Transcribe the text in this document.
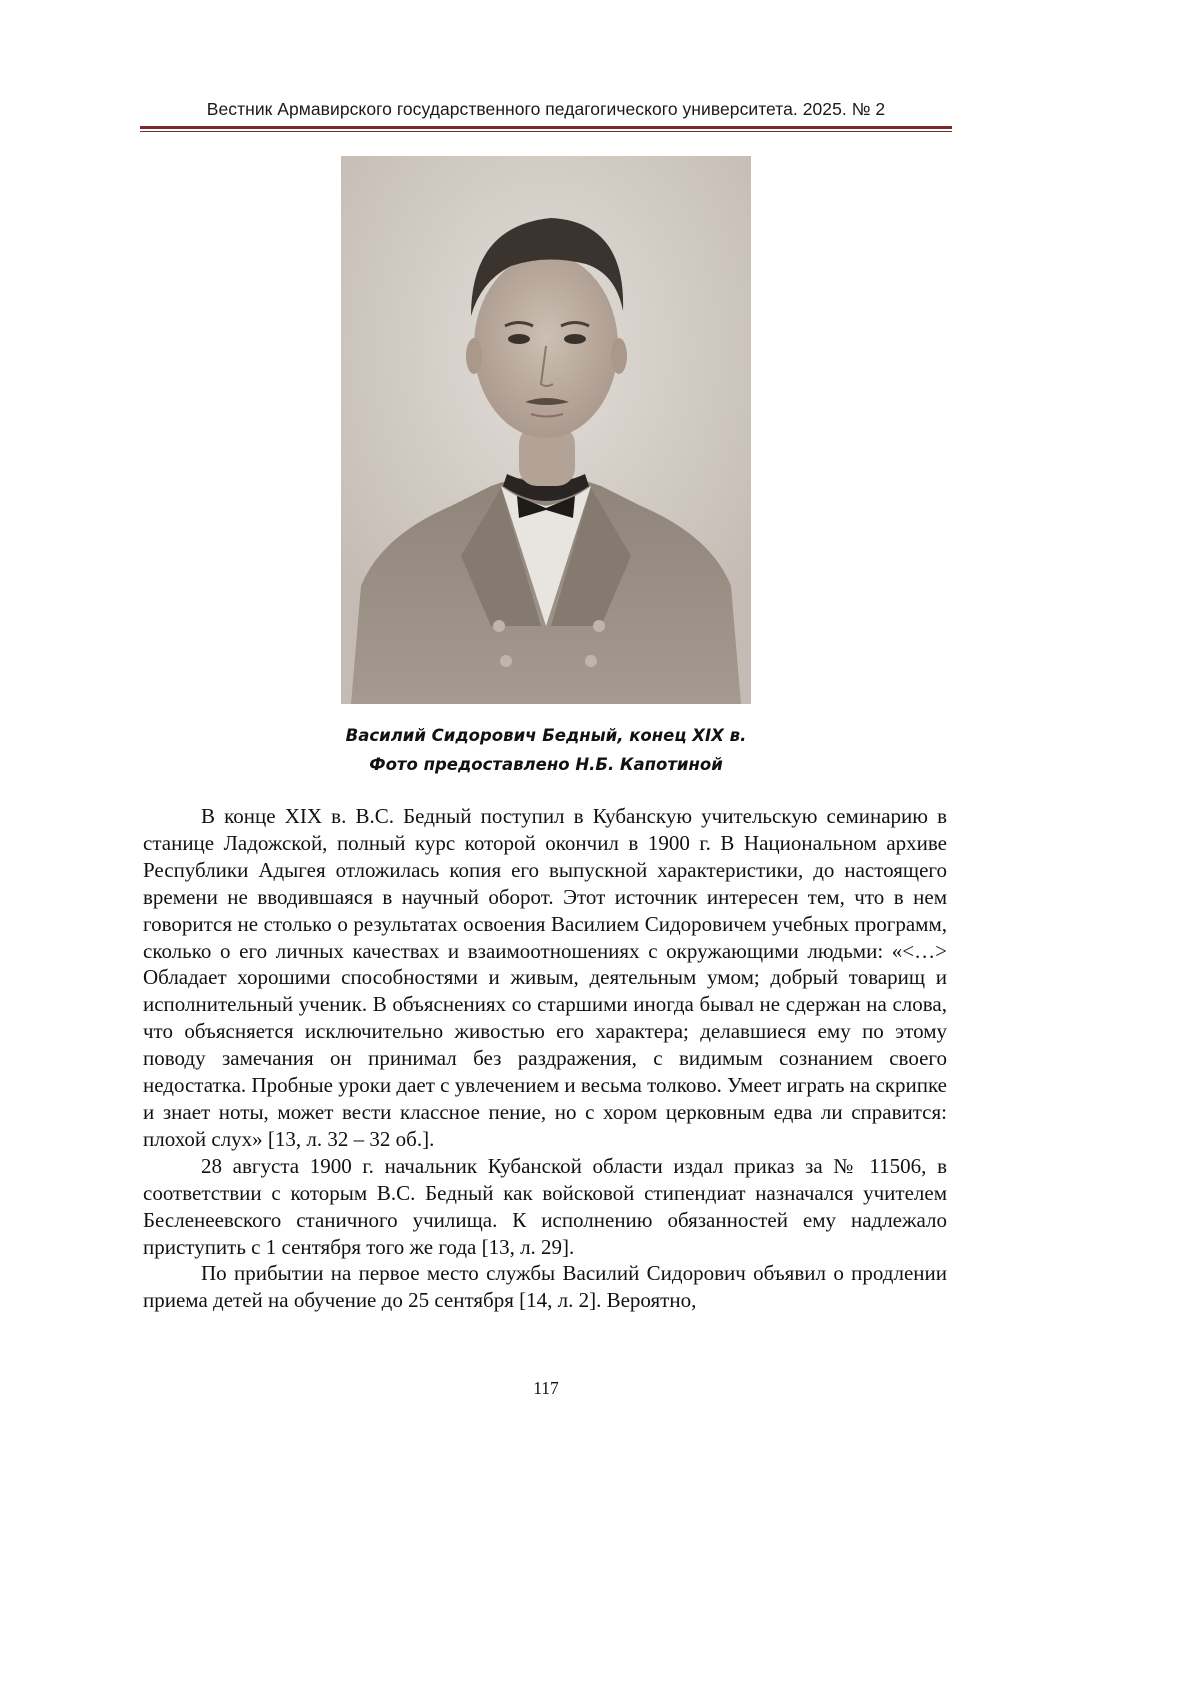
Вестник Армавирского государственного педагогического университета. 2025. № 2
Василий Сидорович Бедный, конец XIX в.
Фото предоставлено Н.Б. Капотиной

В конце XIX в. В.С. Бедный поступил в Кубанскую учительскую семинарию в станице Ладожской, полный курс которой окончил в 1900 г. В Национальном архиве Республики Адыгея отложилась копия его выпускной характеристики, до настоящего времени не вводившаяся в научный оборот. Этот источник интересен тем, что в нем говорится не столько о результатах освоения Василием Сидоровичем учебных программ, сколько о его личных качествах и взаимоотношениях с окружающими людьми: «<…> Обладает хорошими способностями и живым, деятельным умом; добрый товарищ и исполнительный ученик. В объяснениях со старшими иногда бывал не сдержан на слова, что объясняется исключительно живостью его характера; делавшиеся ему по этому поводу замечания он принимал без раздражения, с видимым сознанием своего недостатка. Пробные уроки дает с увлечением и весьма толково. Умеет играть на скрипке и знает ноты, может вести классное пение, но с хором церковным едва ли справится: плохой слух» [13, л. 32 – 32 об.].

28 августа 1900 г. начальник Кубанской области издал приказ за № 11506, в соответствии с которым В.С. Бедный как войсковой стипендиат назначался учителем Бесленеевского станичного училища. К исполнению обязанностей ему надлежало приступить с 1 сентября того же года [13, л. 29].

По прибытии на первое место службы Василий Сидорович объявил о продлении приема детей на обучение до 25 сентября [14, л. 2]. Вероятно,

117
